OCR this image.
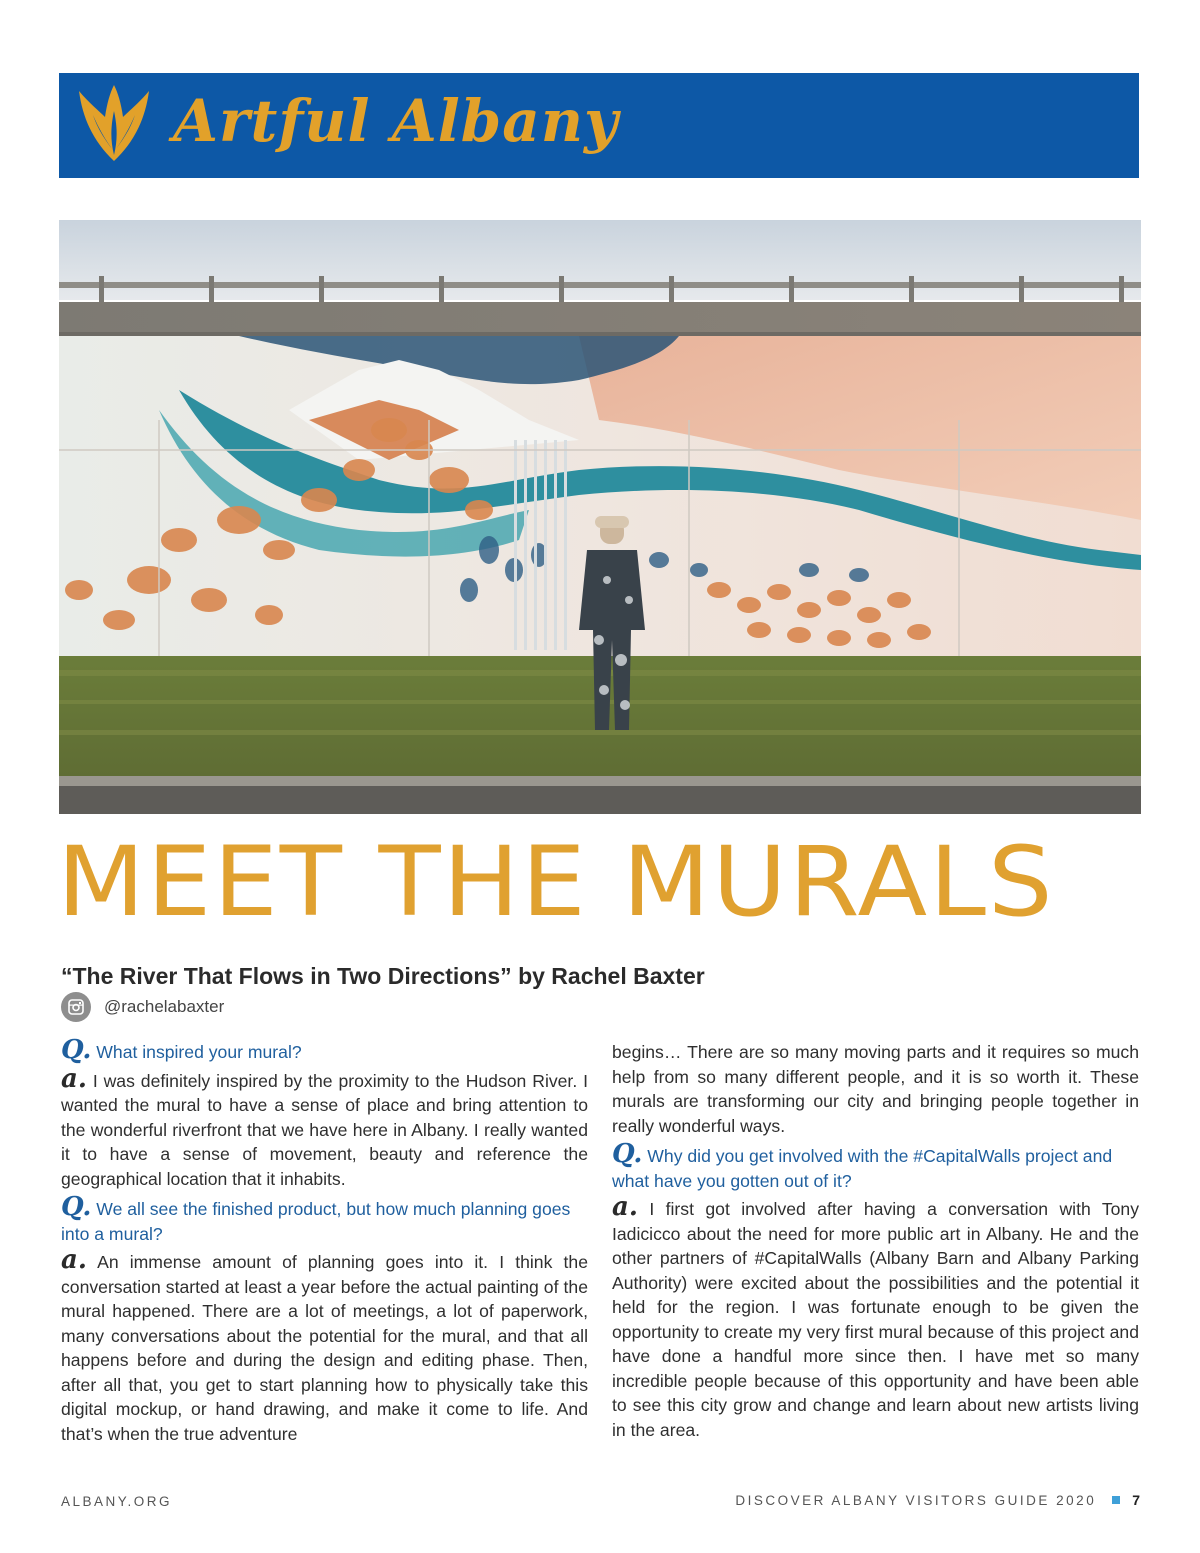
Artful Albany
MEET THE MURALS
“The River That Flows in Two Directions” by Rachel Baxter
@rachelabaxter

Q. What inspired your mural?

a. I was definitely inspired by the proximity to the Hudson River. I wanted the mural to have a sense of place and bring attention to the wonderful riverfront that we have here in Albany. I really wanted it to have a sense of movement, beauty and reference the geographical location that it inhabits.

Q. We all see the finished product, but how much planning goes into a mural?

a. An immense amount of planning goes into it. I think the conversation started at least a year before the actual painting of the mural happened. There are a lot of meetings, a lot of paperwork, many conversations about the potential for the mural, and that all happens before and during the design and editing phase. Then, after all that, you get to start planning how to physically take this digital mockup, or hand drawing, and make it come to life. And that’s when the true adventure

begins… There are so many moving parts and it requires so much help from so many different people, and it is so worth it. These murals are transforming our city and bringing people together in really wonderful ways.

Q. Why did you get involved with the #CapitalWalls project and what have you gotten out of it?

a. I first got involved after having a conversation with Tony Iadicicco about the need for more public art in Albany. He and the other partners of #CapitalWalls (Albany Barn and Albany Parking Authority) were excited about the possibilities and the potential it held for the region. I was fortunate enough to be given the opportunity to create my very first mural because of this project and have done a handful more since then. I have met so many incredible people because of this opportunity and have been able to see this city grow and change and learn about new artists living in the area.

ALBANY.ORG	DISCOVER ALBANY VISITORS GUIDE 2020	7
